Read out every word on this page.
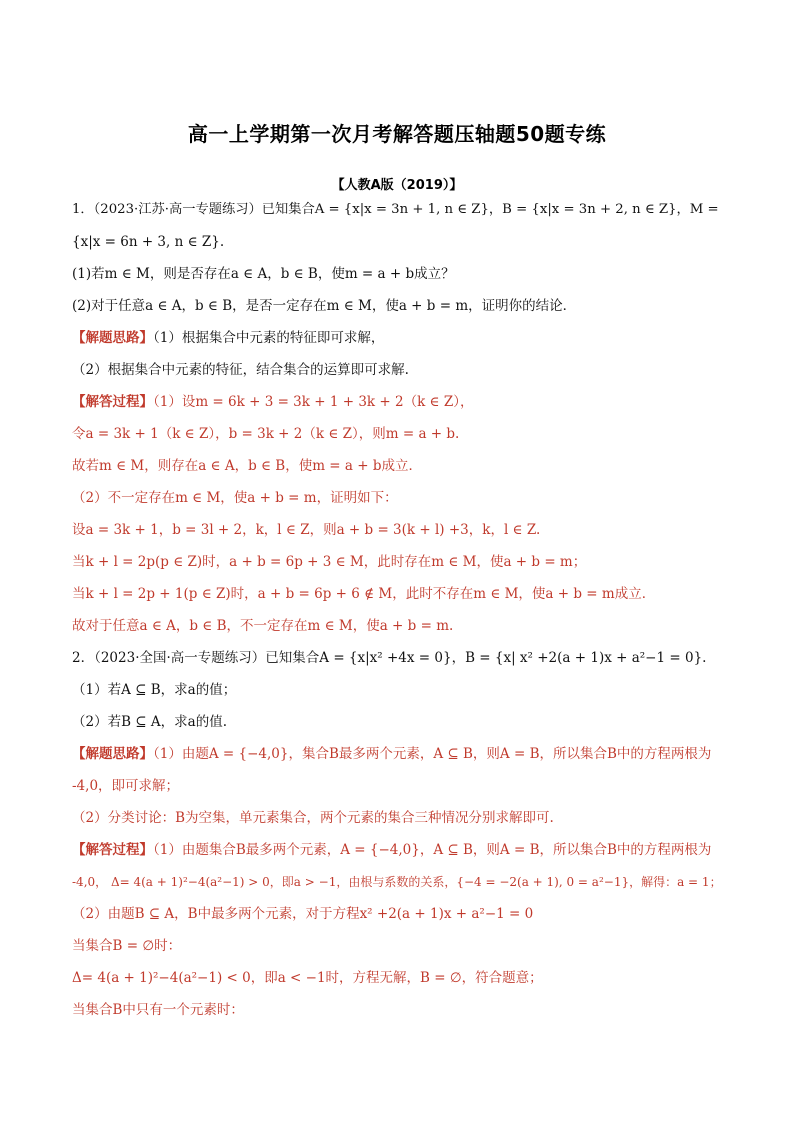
高一上学期第一次月考解答题压轴题50题专练
【人教A版（2019）】
1．（2023·江苏·高一专题练习）已知集合A = {x|x = 3n + 1, n ∈ Z}，B = {x|x = 3n + 2, n ∈ Z}，M =
{x|x = 6n + 3, n ∈ Z}.
(1)若m ∈ M，则是否存在a ∈ A，b ∈ B，使m = a + b成立？
(2)对于任意a ∈ A，b ∈ B，是否一定存在m ∈ M，使a + b = m，证明你的结论．
【解题思路】（1）根据集合中元素的特征即可求解，
（2）根据集合中元素的特征，结合集合的运算即可求解.
【解答过程】（1）设m = 6k + 3 = 3k + 1 + 3k + 2（k ∈ Z），
令a = 3k + 1（k ∈ Z），b = 3k + 2（k ∈ Z），则m = a + b.
故若m ∈ M，则存在a ∈ A，b ∈ B，使m = a + b成立．
（2）不一定存在m ∈ M，使a + b = m，证明如下：
设a = 3k + 1，b = 3l + 2，k，l ∈ Z，则a + b = 3(k + l) +3，k，l ∈ Z.
当k + l = 2p(p ∈ Z)时，a + b = 6p + 3 ∈ M，此时存在m ∈ M，使a + b = m；
当k + l = 2p + 1(p ∈ Z)时，a + b = 6p + 6 ∉ M，此时不存在m ∈ M，使a + b = m成立．
故对于任意a ∈ A，b ∈ B，不一定存在m ∈ M，使a + b = m.
2．（2023·全国·高一专题练习）已知集合A = {x|x² +4x = 0}，B = {x| x² +2(a + 1)x + a²−1 = 0}.
（1）若A ⊆ B，求a的值；
（2）若B ⊆ A，求a的值.
【解题思路】（1）由题A = {−4,0}，集合B最多两个元素，A ⊆ B，则A = B，所以集合B中的方程两根为
-4,0，即可求解；
（2）分类讨论：B为空集，单元素集合，两个元素的集合三种情况分别求解即可.
【解答过程】（1）由题集合B最多两个元素，A = {−4,0}，A ⊆ B，则A = B，所以集合B中的方程两根为
-4,0， Δ= 4(a + 1)²−4(a²−1) > 0，即a > −1，由根与系数的关系，{−4 = −2(a + 1), 0 = a²−1}，解得：a = 1；
（2）由题B ⊆ A，B中最多两个元素，对于方程x² +2(a + 1)x + a²−1 = 0
当集合B = ∅时：
Δ= 4(a + 1)²−4(a²−1) < 0，即a < −1时，方程无解，B = ∅，符合题意；
当集合B中只有一个元素时：
